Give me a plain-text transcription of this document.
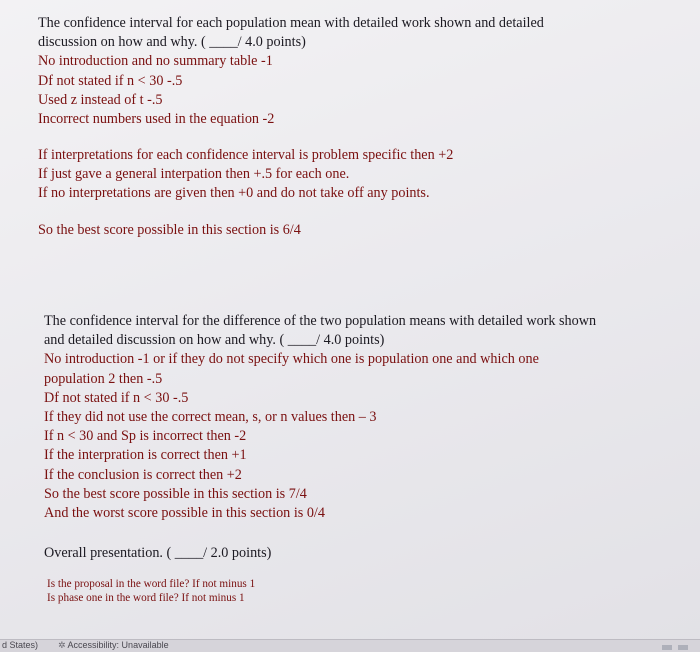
The confidence interval for each population mean with detailed work shown and detailed
discussion on how and why. ( ____/ 4.0 points)
No introduction and no summary table -1
Df not stated if n < 30 -.5
Used z instead of t -.5
Incorrect numbers used in the equation -2
If interpretations for each confidence interval is problem specific then +2
If just gave a general interpation then +.5 for each one.
If no interpretations are given then +0 and do not take off any points.
So the best score possible in this section is 6/4
The confidence interval for the difference of the two population means with detailed work shown
and detailed discussion on how and why. ( ____/ 4.0 points)
No introduction -1 or if they do not specify which one is population one and which one
population 2 then -.5
Df not stated if n < 30 -.5
If they did not use the correct mean, s, or n values then – 3
If n < 30 and Sp is incorrect then -2
If the interpration is correct then +1
If the conclusion is correct then +2
So the best score possible in this section is 7/4
And the worst score possible in this section is 0/4
Overall presentation. ( ____/ 2.0 points)
Is the proposal in the word file? If not minus 1
Is phase one in the word file? If not minus 1
d States) ✲ Accessibility: Unavailable
